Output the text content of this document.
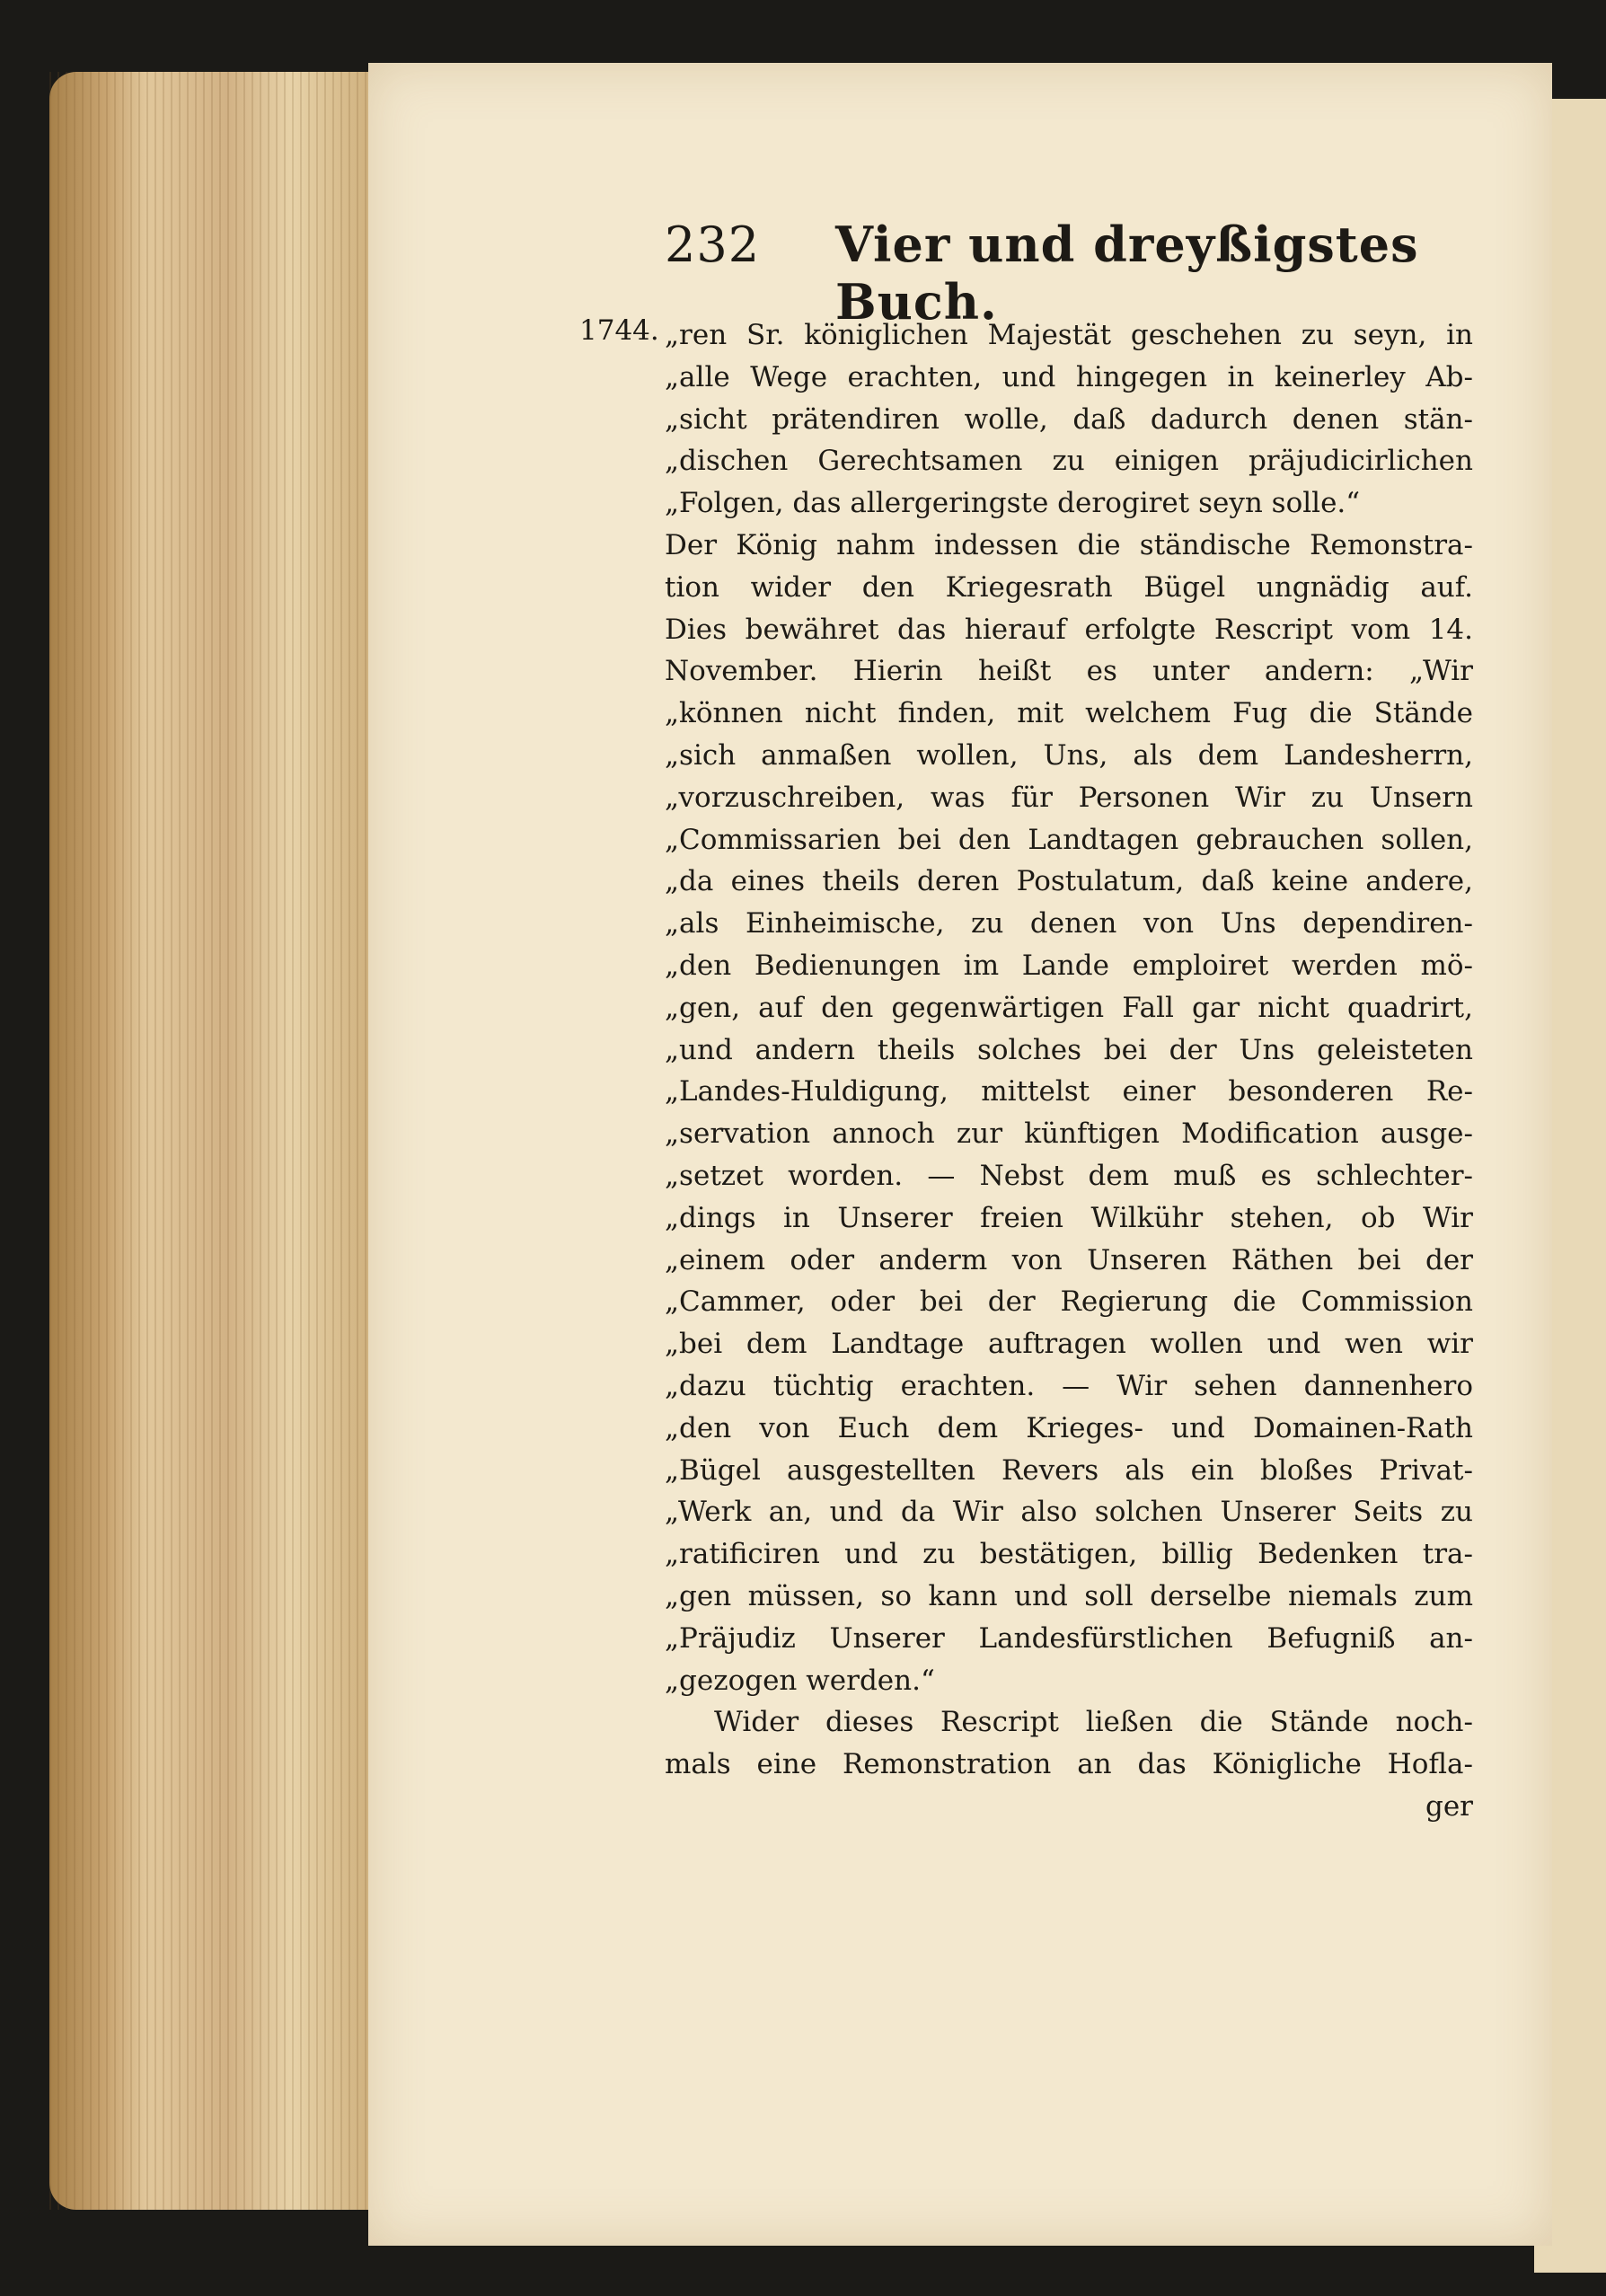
232	Vier und dreyßigstes Buch.
1744. „ren Sr. königlichen Majestät geschehen zu seyn, in
„alle Wege erachten, und hingegen in keinerley Ab-
„sicht prätendiren wolle, daß dadurch denen stän-
„dischen Gerechtsamen zu einigen präjudicirlichen
„Folgen, das allergeringste derogiret seyn solle.“
Der König nahm indessen die ständische Remonstra-
tion wider den Kriegesrath Bügel ungnädig auf.
Dies bewähret das hierauf erfolgte Rescript vom 14.
November. Hierin heißt es unter andern: „Wir
„können nicht finden, mit welchem Fug die Stände
„sich anmaßen wollen, Uns, als dem Landesherrn,
„vorzuschreiben, was für Personen Wir zu Unsern
„Commissarien bei den Landtagen gebrauchen sollen,
„da eines theils deren Postulatum, daß keine andere,
„als Einheimische, zu denen von Uns dependiren-
„den Bedienungen im Lande emploiret werden mö-
„gen, auf den gegenwärtigen Fall gar nicht quadrirt,
„und andern theils solches bei der Uns geleisteten
„Landes-Huldigung, mittelst einer besonderen Re-
„servation annoch zur künftigen Modification ausge-
„setzet worden. — Nebst dem muß es schlechter-
„dings in Unserer freien Wilkühr stehen, ob Wir
„einem oder anderm von Unseren Räthen bei der
„Cammer, oder bei der Regierung die Commission
„bei dem Landtage auftragen wollen und wen wir
„dazu tüchtig erachten. — Wir sehen dannenhero
„den von Euch dem Krieges- und Domainen-Rath
„Bügel ausgestellten Revers als ein bloßes Privat-
„Werk an, und da Wir also solchen Unserer Seits zu
„ratificiren und zu bestätigen, billig Bedenken tra-
„gen müssen, so kann und soll derselbe niemals zum
„Präjudiz Unserer Landesfürstlichen Befugniß an-
„gezogen werden.“
Wider dieses Rescript ließen die Stände noch-
mals eine Remonstration an das Königliche Hofla-
ger
